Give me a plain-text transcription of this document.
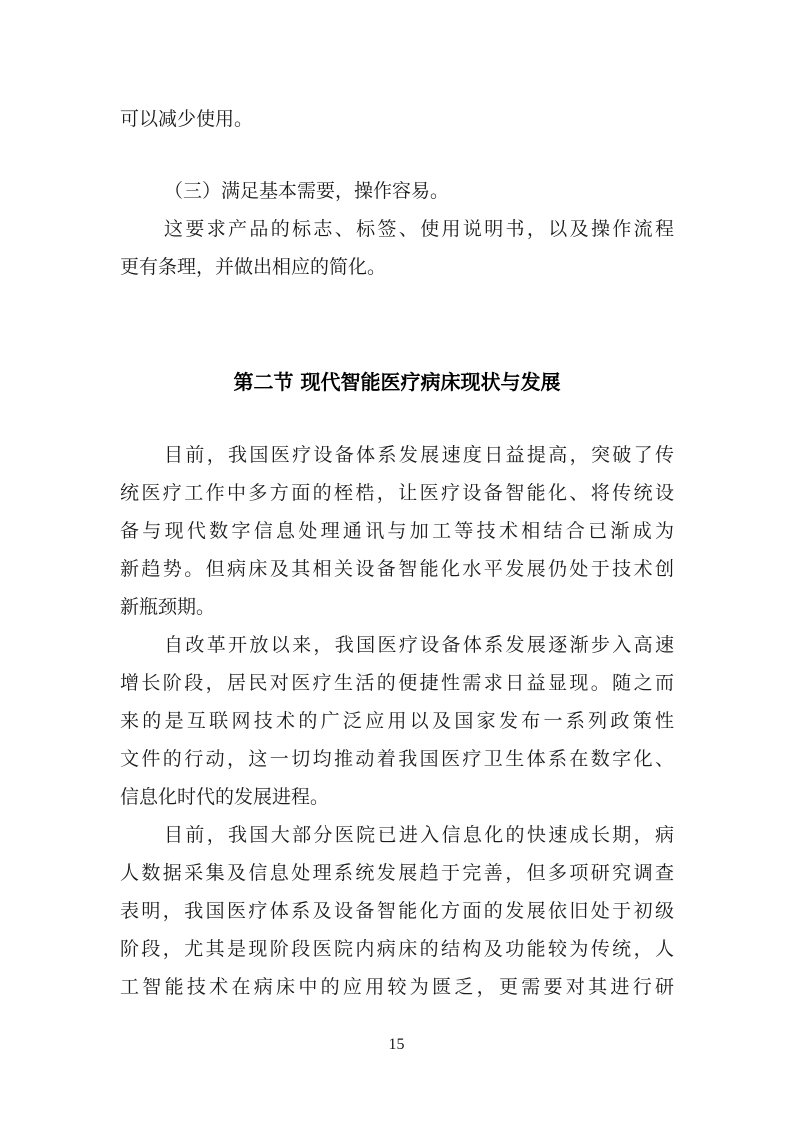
可以减少使用。
（三）满足基本需要，操作容易。
这要求产品的标志、标签、使用说明书，以及操作流程
更有条理，并做出相应的简化。
第二节 现代智能医疗病床现状与发展
目前，我国医疗设备体系发展速度日益提高，突破了传
统医疗工作中多方面的桎梏，让医疗设备智能化、将传统设
备与现代数字信息处理通讯与加工等技术相结合已渐成为
新趋势。但病床及其相关设备智能化水平发展仍处于技术创
新瓶颈期。
自改革开放以来，我国医疗设备体系发展逐渐步入高速
增长阶段，居民对医疗生活的便捷性需求日益显现。随之而
来的是互联网技术的广泛应用以及国家发布一系列政策性
文件的行动，这一切均推动着我国医疗卫生体系在数字化、
信息化时代的发展进程。
目前，我国大部分医院已进入信息化的快速成长期，病
人数据采集及信息处理系统发展趋于完善，但多项研究调查
表明，我国医疗体系及设备智能化方面的发展依旧处于初级
阶段，尤其是现阶段医院内病床的结构及功能较为传统，人
工智能技术在病床中的应用较为匮乏，更需要对其进行研
15
